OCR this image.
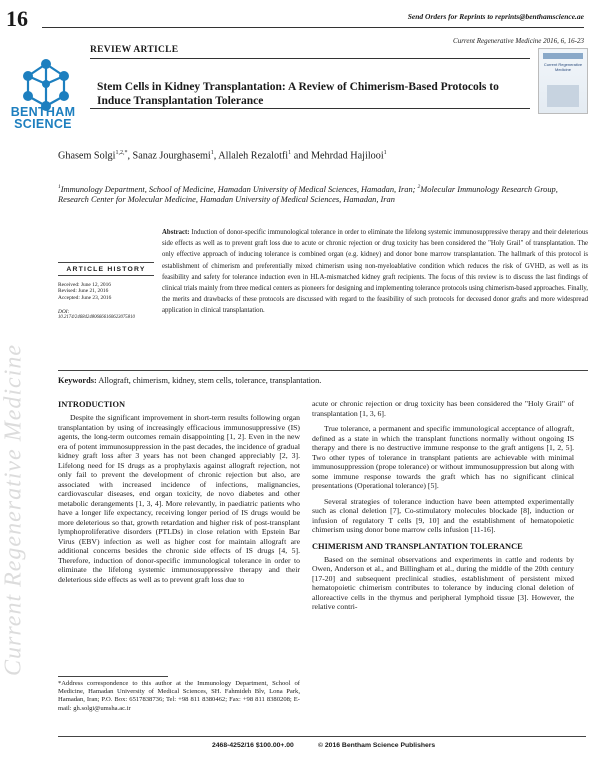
16	Send Orders for Reprints to reprints@benthamscience.ae
Current Regenerative Medicine 2016, 6, 16-23
REVIEW ARTICLE
BENTHAM SCIENCE
Current Regenerative Medicine
Stem Cells in Kidney Transplantation: A Review of Chimerism-Based Protocols to Induce Transplantation Tolerance
Ghasem Solgi$^{1,2,*}$, Sanaz Jourghasemi$^1$, Allaleh Rezalotfi$^1$ and Mehrdad Hajilooi$^1$
$^1$Immunology Department, School of Medicine, Hamadan University of Medical Sciences, Hamadan, Iran; $^2$Molecular Immunology Research Group, Research Center for Molecular Medicine, Hamadan University of Medical Sciences, Hamadan, Iran
ARTICLE HISTORY
Received: June 12, 2016
Revised: June 21, 2016
Accepted: June 23, 2016
DOI:
10.2174/2468424806666160623075810
Abstract: Induction of donor-specific immunological tolerance in order to eliminate the lifelong systemic immunosuppressive therapy and their deleterious side effects as well as to prevent graft loss due to acute or chronic rejection or drug toxicity has been considered the "Holy Grail" of transplantation. The only effective approach of inducing tolerance is combined organ (e.g. kidney) and donor bone marrow transplantation. The hallmark of this protocol is establishment of chimerism and preferentially mixed chimerism using non-myeloablative condition which reduces the risk of GVHD, as well as its feasibility and safety for tolerance induction even in HLA-mismatched kidney graft recipients. The focus of this review is to discuss the last findings of clinical trials mainly from three medical centers as pioneers for designing and implementing tolerance protocols using chimerism-based approaches. Finally, the merits and drawbacks of these protocols are discussed with regard to the feasibility of such protocols for deceased donor grafts and more widespread application in clinical transplantation.
Keywords: Allograft, chimerism, kidney, stem cells, tolerance, transplantation.
Current Regenerative Medicine	INTRODUCTION

Despite the significant improvement in short-term results following organ transplantation by using of increasingly efficacious immunosuppressive (IS) agents, the long-term outcomes remain disappointing [1, 2]. Even in the new era of potent immunosuppression in the past decades, the incidence of gradual kidney graft loss after 3 years has not been changed appreciably [2, 3]. Lifelong need for IS drugs as a prophylaxis against allograft rejection, not only fail to prevent the development of chronic rejection but also, are associated with increased incidence of infections, malignancies, cardiovascular diseases, end organ toxicity, de novo diabetes and other metabolic derangements [1, 3, 4]. More relevantly, in paediatric patients who have a longer life expectancy, receiving longer period of IS drugs would be more deleterious so that, growth retardation and higher risk of post-transplant lymphoproliferative disorders (PTLDs) in close relation with Epstein Bar Virus (EBV) infection as well as higher cost for maintain allograft are additional concerns besides the chronic side effects of IS drugs [4, 5]. Therefore, induction of donor-specific immunological tolerance in order to eliminate the lifelong systemic immunosuppressive therapy and their deleterious side effects as well as to prevent graft loss due to

acute or chronic rejection or drug toxicity has been considered the "Holy Grail" of transplantation [1, 3, 6].

True tolerance, a permanent and specific immunological acceptance of allograft, defined as a state in which the transplant functions normally without ongoing IS therapy and there is no destructive immune response to the graft antigens [1, 2, 5]. Two other types of tolerance in transplant patients are achievable with minimal immunosuppression (prope tolerance) or without immunosuppression but along with some immune response towards the graft which has no significant clinical presentations (Operational tolerance) [5].

Several strategies of tolerance induction have been attempted experimentally such as clonal deletion [7], Co-stimulatory molecules blockade [8], induction or infusion of regulatory T cells [9, 10] and the establishment of hematopoietic chimerism using donor bone marrow cells infusion [11-16].

CHIMERISM AND TRANSPLANTATION TOLERANCE

Based on the seminal observations and experiments in cattle and rodents by Owen, Anderson et al., and Billingham et al., during the middle of the 20th century [17-20] and subsequent preclinical studies, establishment of persistent mixed hematopoietic chimerism contributes to tolerance by inducing clonal deletion of alloreactive cells in the thymus and peripheral lymphoid tissue [3]. However, the relative contri-

*Address correspondence to this author at the Immunology Department, School of Medicine, Hamadan University of Medical Sciences, SH. Fahmideh Blv, Lona Park, Hamadan, Iran; P.O. Box: 6517838736; Tel: +98 811 8380462; Fax: +98 811 8380208; E-mail: gh.solgi@umsha.ac.ir
2468-4252/16 $100.00+.00	© 2016 Bentham Science Publishers
